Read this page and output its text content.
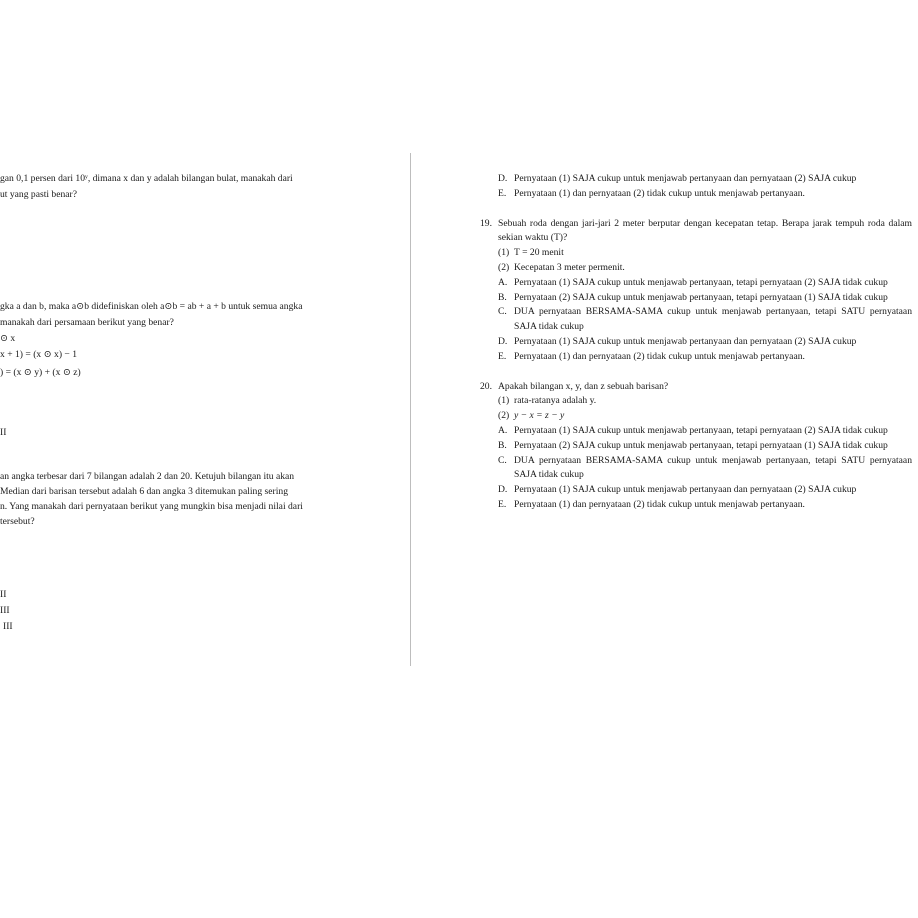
gan 0,1 persen dari 10ʸ, dimana x dan y adalah bilangan bulat, manakah dari
ut yang pasti benar?
gka a dan b, maka a⊙b didefiniskan oleh a⊙b = ab + a + b untuk semua angka
manakah dari persamaan berikut yang benar?
⊙ x
x + 1) = (x ⊙ x) − 1
) = (x ⊙ y) + (x ⊙ z)
II
an angka terbesar dari 7 bilangan adalah 2 dan 20. Ketujuh bilangan itu akan
Median dari barisan tersebut adalah 6 dan angka 3 ditemukan paling sering
n. Yang manakah dari pernyataan berikut yang mungkin bisa menjadi nilai dari
tersebut?
II
III
III
D. Pernyataan (1) SAJA cukup untuk menjawab pertanyaan dan pernyataan (2) SAJA cukup
E. Pernyataan (1) dan pernyataan (2) tidak cukup untuk menjawab pertanyaan.
19. Sebuah roda dengan jari-jari 2 meter berputar dengan kecepatan tetap. Berapa jarak tempuh roda dalam sekian waktu (T)?
(1) T = 20 menit
(2) Kecepatan 3 meter permenit.
A. Pernyataan (1) SAJA cukup untuk menjawab pertanyaan, tetapi pernyataan (2) SAJA tidak cukup
B. Pernyataan (2) SAJA cukup untuk menjawab pertanyaan, tetapi pernyataan (1) SAJA tidak cukup
C. DUA pernyataan BERSAMA-SAMA cukup untuk menjawab pertanyaan, tetapi SATU pernyataan SAJA tidak cukup
D. Pernyataan (1) SAJA cukup untuk menjawab pertanyaan dan pernyataan (2) SAJA cukup
E. Pernyataan (1) dan pernyataan (2) tidak cukup untuk menjawab pertanyaan.
20. Apakah bilangan x, y, dan z sebuah barisan?
(1) rata-ratanya adalah y.
(2) y − x = z − y
A. Pernyataan (1) SAJA cukup untuk menjawab pertanyaan, tetapi pernyataan (2) SAJA tidak cukup
B. Pernyataan (2) SAJA cukup untuk menjawab pertanyaan, tetapi pernyataan (1) SAJA tidak cukup
C. DUA pernyataan BERSAMA-SAMA cukup untuk menjawab pertanyaan, tetapi SATU pernyataan SAJA tidak cukup
D. Pernyataan (1) SAJA cukup untuk menjawab pertanyaan dan pernyataan (2) SAJA cukup
E. Pernyataan (1) dan pernyataan (2) tidak cukup untuk menjawab pertanyaan.
